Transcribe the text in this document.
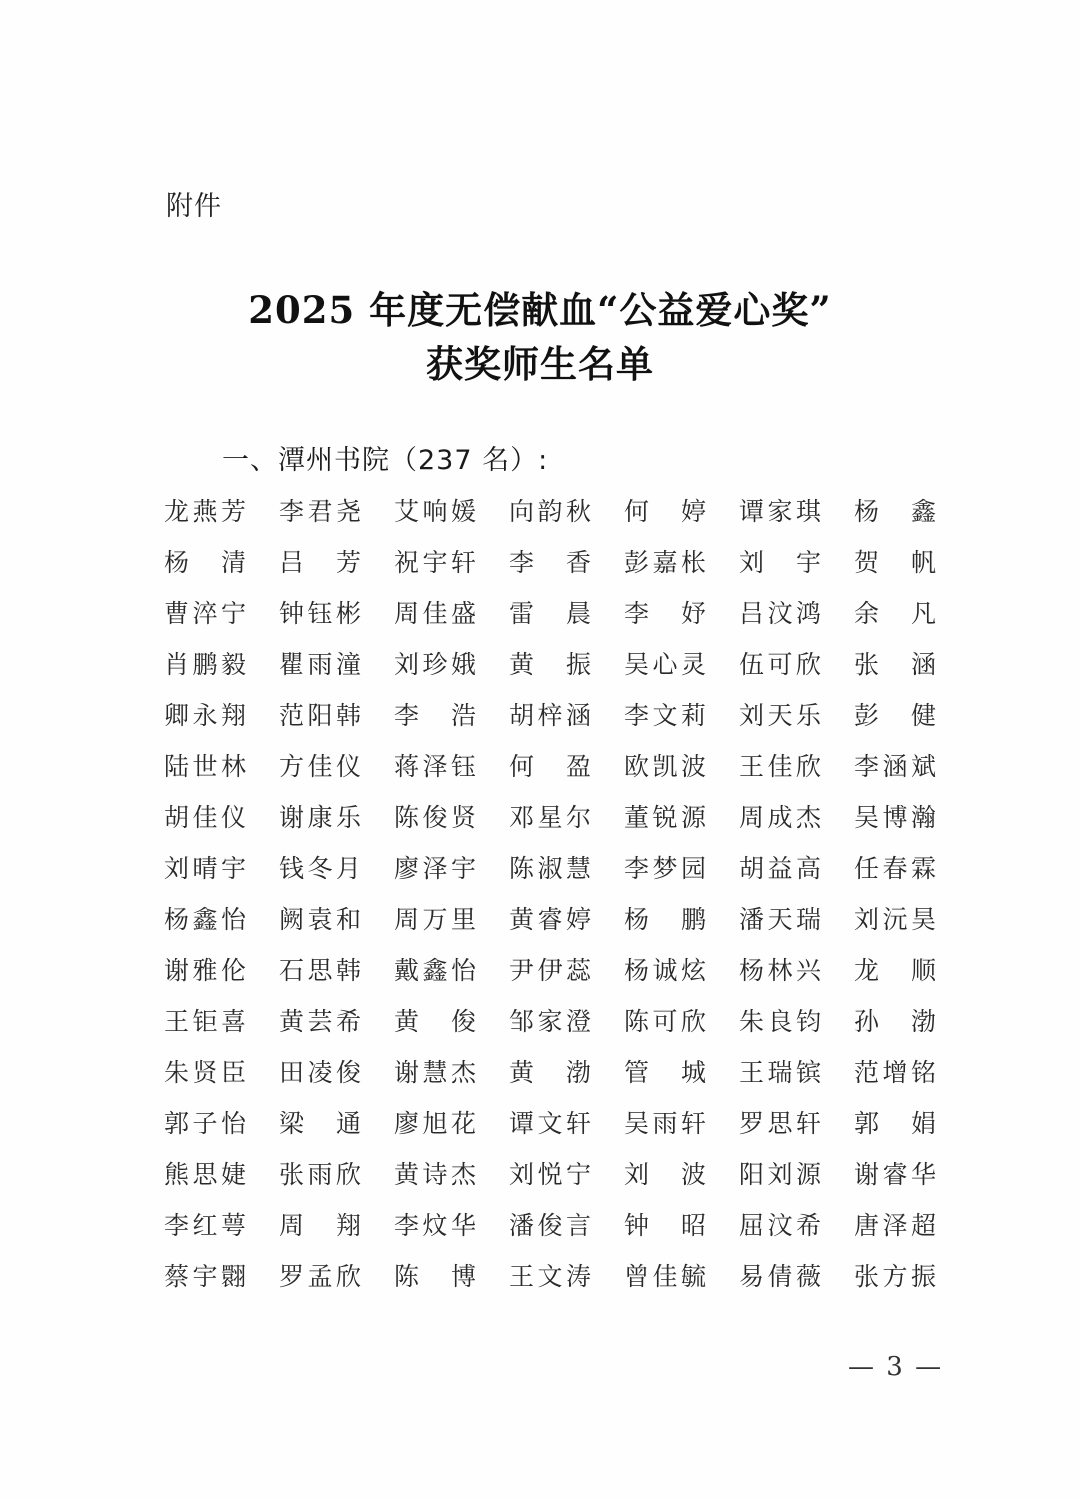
附件
2025 年度无偿献血“公益爱心奖”
获奖师生名单
一、潭州书院（237 名）:
龙 燕 芳 李 君 尧 艾 响 媛 向 韵 秋 何 婷 谭 家 琪 杨 鑫
杨 清 吕 芳 祝 宇 轩 李 香 彭 嘉 枨 刘 宇 贺 帆
曹 淬 宁 钟 钰 彬 周 佳 盛 雷 晨 李 妤 吕 汶 鸿 余 凡
肖 鹏 毅 瞿 雨 潼 刘 珍 娥 黄 振 吴 心 灵 伍 可 欣 张 涵
卿 永 翔 范 阳 韩 李 浩 胡 梓 涵 李 文 莉 刘 天 乐 彭 健
陆 世 林 方 佳 仪 蒋 泽 钰 何 盈 欧 凯 波 王 佳 欣 李 涵 斌
胡 佳 仪 谢 康 乐 陈 俊 贤 邓 星 尔 董 锐 源 周 成 杰 吴 博 瀚
刘 晴 宇 钱 冬 月 廖 泽 宇 陈 淑 慧 李 梦 园 胡 益 高 任 春 霖
杨 鑫 怡 阙 袁 和 周 万 里 黄 睿 婷 杨 鹏 潘 天 瑞 刘 沅 昊
谢 雅 伦 石 思 韩 戴 鑫 怡 尹 伊 蕊 杨 诚 炫 杨 林 兴 龙 顺
王 钜 喜 黄 芸 希 黄 俊 邹 家 澄 陈 可 欣 朱 良 钧 孙 渤
朱 贤 臣 田 凌 俊 谢 慧 杰 黄 渤 管 城 王 瑞 镔 范 增 铭
郭 子 怡 梁 通 廖 旭 花 谭 文 轩 吴 雨 轩 罗 思 轩 郭 娟
熊 思 婕 张 雨 欣 黄 诗 杰 刘 悦 宁 刘 波 阳 刘 源 谢 睿 华
李 红 萼 周 翔 李 炆 华 潘 俊 言 钟 昭 屈 汶 希 唐 泽 超
蔡 宇 翾 罗 孟 欣 陈 博 王 文 涛 曾 佳 毓 易 倩 薇 张 方 振
— 3 —
